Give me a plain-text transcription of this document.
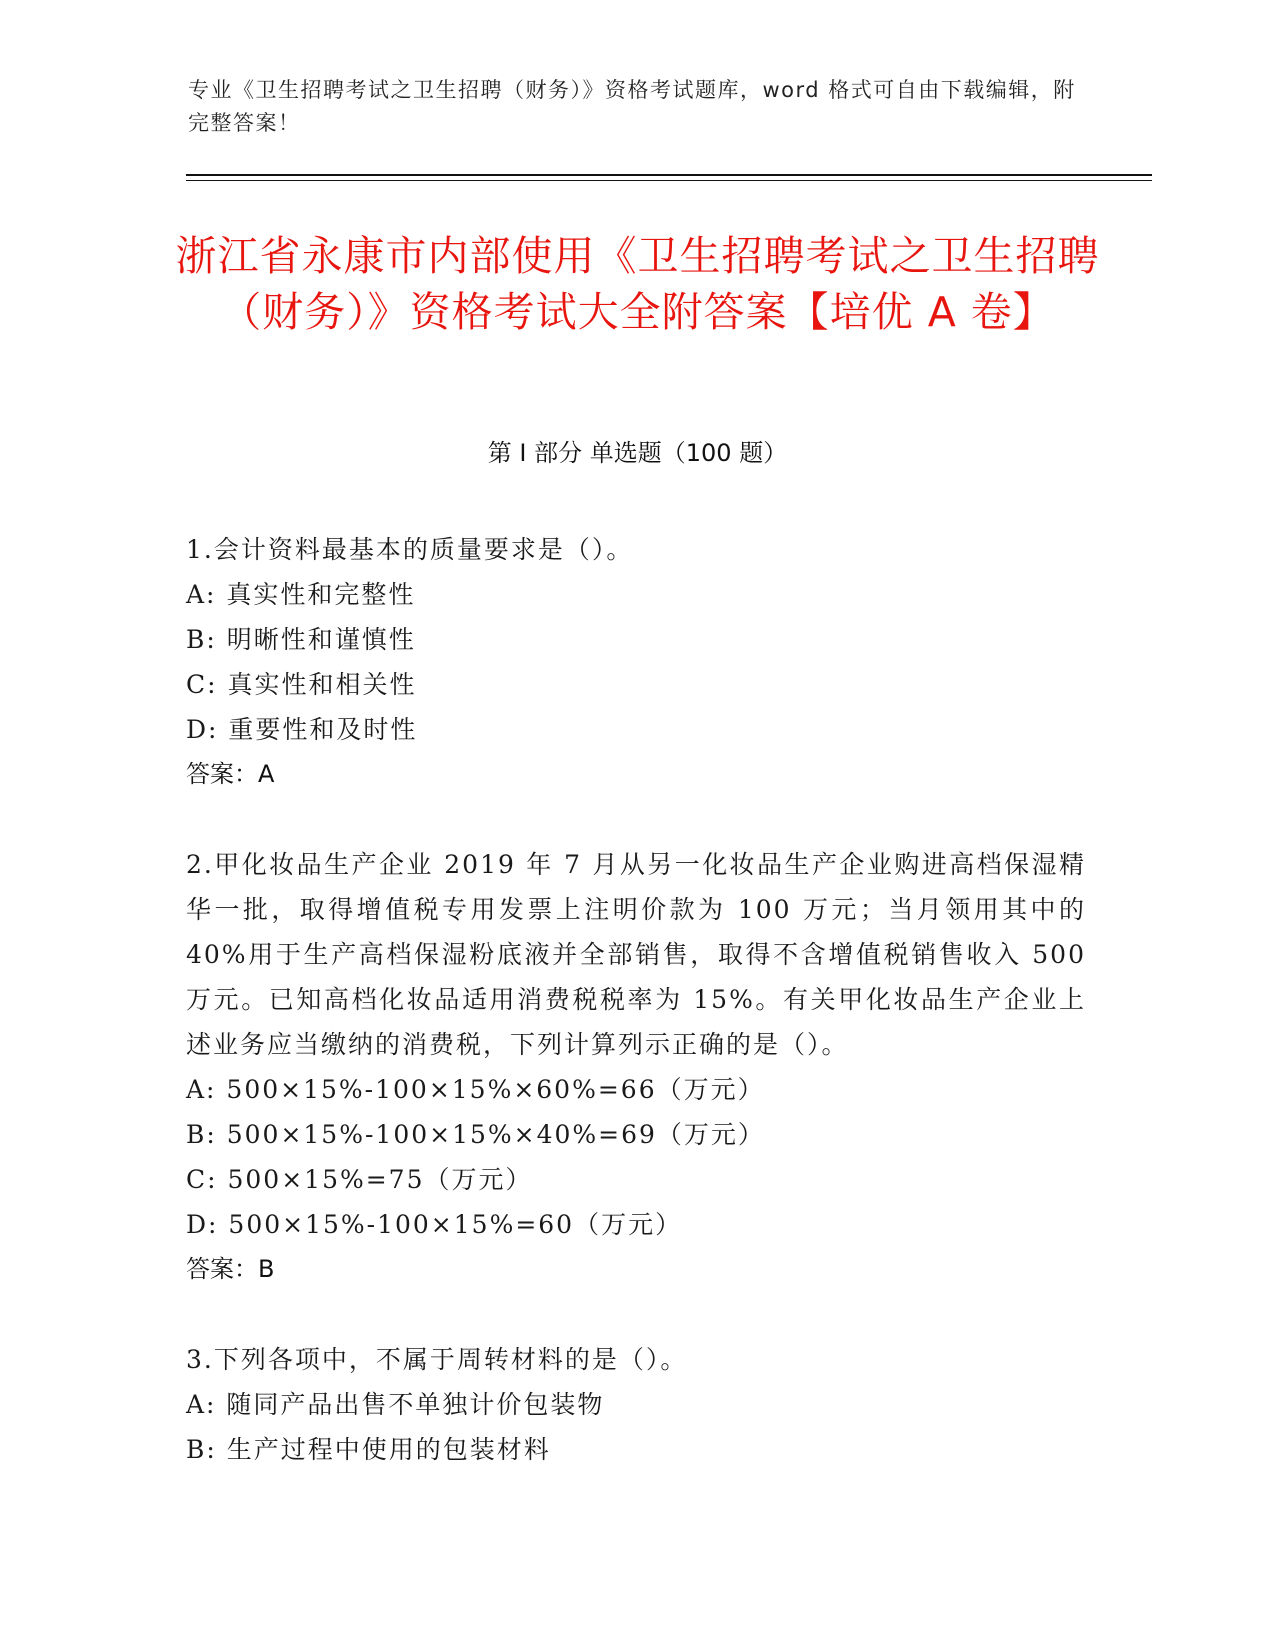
专业《卫生招聘考试之卫生招聘（财务）》资格考试题库，word 格式可自由下载编辑，附完整答案！
浙江省永康市内部使用《卫生招聘考试之卫生招聘（财务）》资格考试大全附答案【培优 A 卷】
第 I 部分 单选题（100 题）
1.会计资料最基本的质量要求是（）。
A: 真实性和完整性
B: 明晰性和谨慎性
C: 真实性和相关性
D: 重要性和及时性
答案：A
2.甲化妆品生产企业 2019 年 7 月从另一化妆品生产企业购进高档保湿精华一批，取得增值税专用发票上注明价款为 100 万元；当月领用其中的 40%用于生产高档保湿粉底液并全部销售，取得不含增值税销售收入 500 万元。已知高档化妆品适用消费税税率为 15%。有关甲化妆品生产企业上述业务应当缴纳的消费税，下列计算列示正确的是（）。
A: 500×15%-100×15%×60%=66（万元）
B: 500×15%-100×15%×40%=69（万元）
C: 500×15%=75（万元）
D: 500×15%-100×15%=60（万元）
答案：B
3.下列各项中，不属于周转材料的是（）。
A: 随同产品出售不单独计价包装物
B: 生产过程中使用的包装材料
